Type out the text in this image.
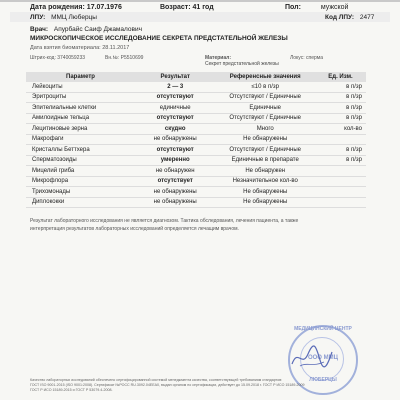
Дата рождения: 17.07.1976	Возраст: 41 год	Пол:	мужской
ЛПУ: ММЦ Люберцы	Код ЛПУ: 2477
Врач: Апурбайс Саиф Джамалович
МИКРОСКОПИЧЕСКОЕ ИССЛЕДОВАНИЕ СЕКРЕТА ПРЕДСТАТЕЛЬНОЙ ЖЕЛЕЗЫ
Дата взятия биоматериала: 28.11.2017
Штрих-код: 3740059233	Вн.№: P5510699	Материал:
Секрет предстательной железы
Локус: сперма
Параметр	Результат	Референсные значения	Ед. Изм.
Лейкоциты	2 — 3	≤10 в п/зр	в п/зр
Эритроциты	отсутствуют	Отсутствуют / Единичные	в п/зр
Эпителиальные клетки	единичные	Единичные	в п/зр
Амилоидные тельца	отсутствуют	Отсутствуют / Единичные	в п/зр
Лецитиновые зерна	скудно	Много	кол-во
Макрофаги	не обнаружены	Не обнаружены	
Кристаллы Беттхера	отсутствуют	Отсутствуют / Единичные	в п/зр
Сперматозоиды	умеренно	Единичные в препарате	в п/зр
Мицелий гриба	не обнаружен	Не обнаружен	
Микрофлора	отсутствует	Незначительное кол-во	
Трихомонады	не обнаружены	Не обнаружены	
Диплококки	не обнаружены	Не обнаружены	
Результат лабораторного исследования не является диагнозом. Тактика обследования, лечения пациента, а также
интерпретация результатов лабораторных исследований определяется лечащим врачом.
МЕДИЦИНСКИЙ ЦЕНТР
ООО ММЦ
ЛЮБЕРЦЫ
Качество лабораторных исследований обеспечено сертифицированной системой менеджмента качества, соответствующей требованиям стандартов:
ГОСТ ISO 9001-2015 (ISO 9001:2008). Сертификат №РОСС RU.3092.04ЕЕА0, выдан органом по сертификации, действует до 15.09.2018 г. ГОСТ Р ИСО 15189-2009
ГОСТ Р ИСО 15189-2015 и ГОСТ Р 53079.4-2008.
